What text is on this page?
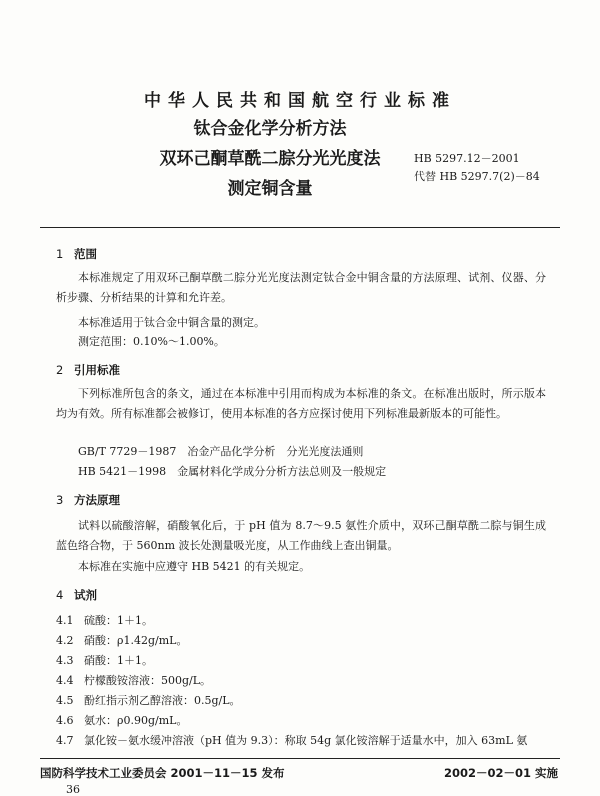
中华人民共和国航空行业标准
钛合金化学分析方法
双环己酮草酰二腙分光光度法
测定铜含量
HB 5297.12－2001
代替 HB 5297.7(2)－84
1 范围
本标准规定了用双环己酮草酰二腙分光光度法测定钛合金中铜含量的方法原理、试剂、仪器、分析步骤、分析结果的计算和允许差。
本标准适用于钛合金中铜含量的测定。
测定范围：0.10%～1.00%。
2 引用标准
下列标准所包含的条文，通过在本标准中引用而构成为本标准的条文。在标准出版时，所示版本均为有效。所有标准都会被修订，使用本标准的各方应探讨使用下列标准最新版本的可能性。
GB/T 7729－1987　冶金产品化学分析　分光光度法通则
HB 5421－1998　金属材料化学成分分析方法总则及一般规定
3 方法原理
试料以硫酸溶解，硝酸氧化后，于 pH 值为 8.7～9.5 氨性介质中，双环己酮草酰二腙与铜生成蓝色络合物，于 560nm 波长处测量吸光度，从工作曲线上查出铜量。
本标准在实施中应遵守 HB 5421 的有关规定。
4 试剂
4.1 硫酸：1＋1。
4.2 硝酸：ρ1.42g/mL。
4.3 硝酸：1＋1。
4.4 柠檬酸铵溶液：500g/L。
4.5 酚红指示剂乙醇溶液：0.5g/L。
4.6 氨水：ρ0.90g/mL。
4.7 氯化铵－氨水缓冲溶液（pH 值为 9.3）：称取 54g 氯化铵溶解于适量水中，加入 63mL 氨
国防科学技术工业委员会 2001－11－15 发布	2002－02－01 实施
36
